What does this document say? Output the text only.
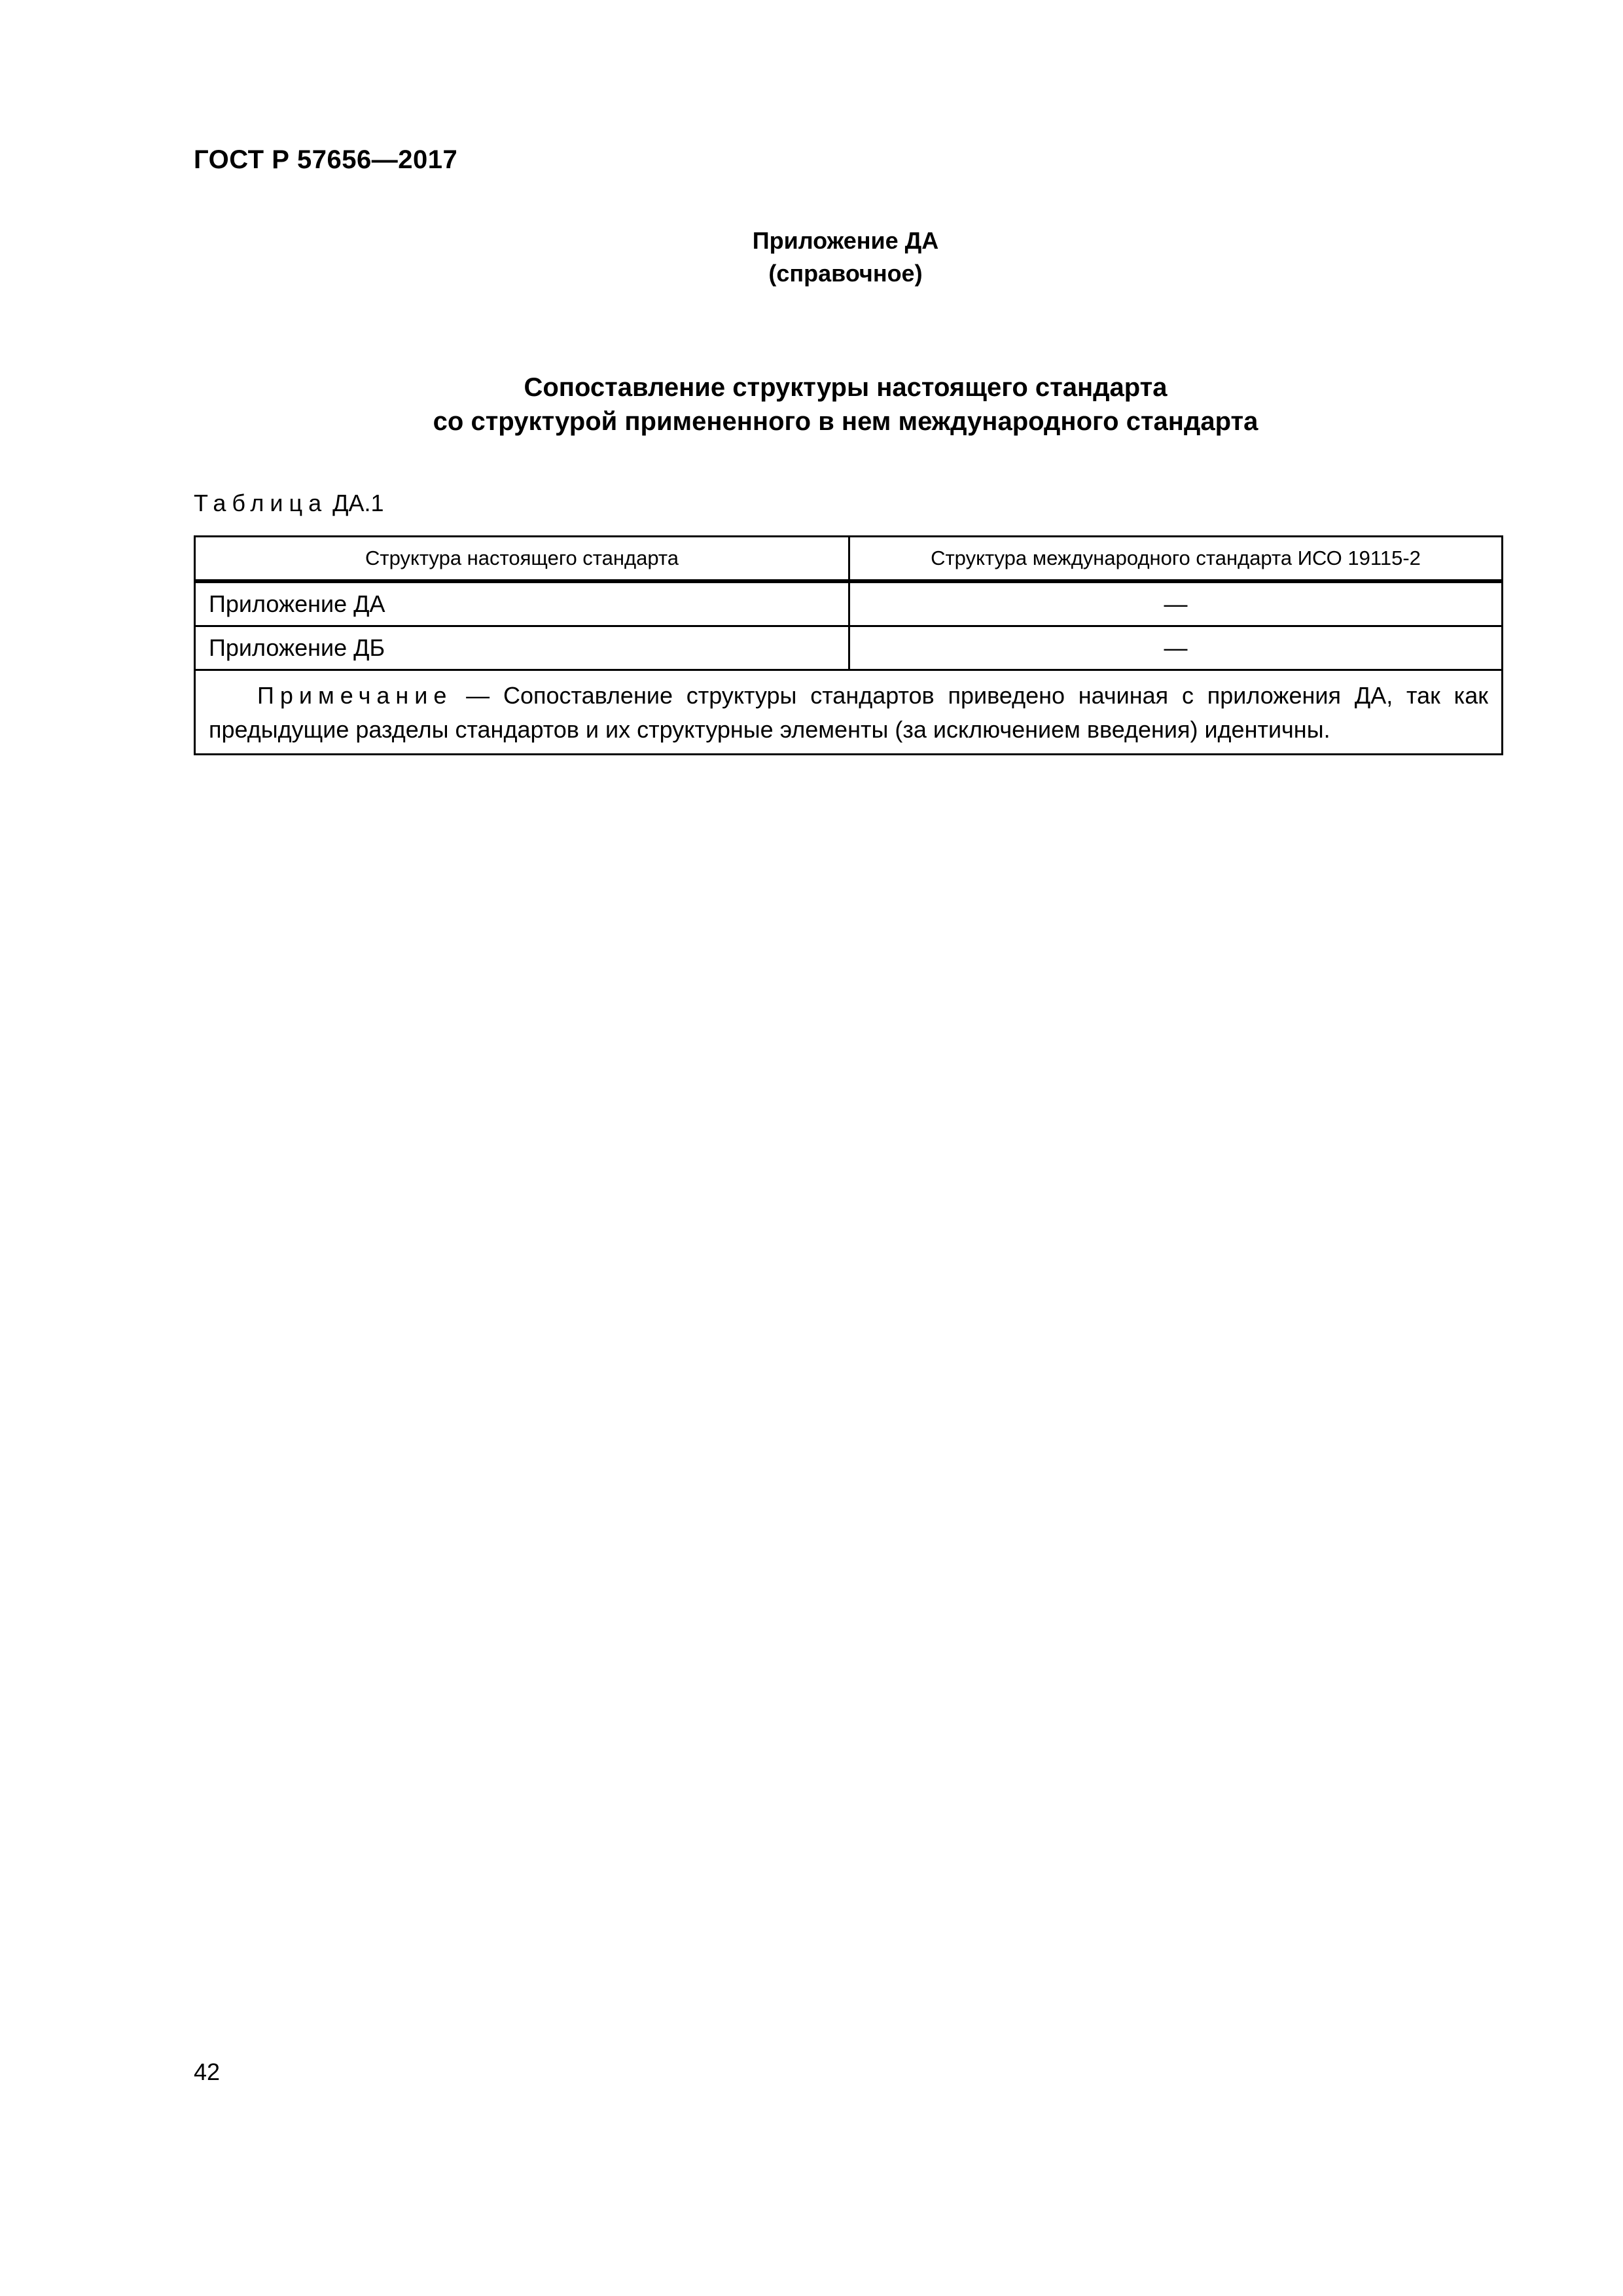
ГОСТ Р 57656—2017
Приложение ДА
(справочное)
Сопоставление структуры настоящего стандарта
со структурой примененного в нем международного стандарта
Таблица ДА.1
Структура настоящего стандарта	Структура международного стандарта ИСО 19115-2
Приложение ДА	—
Приложение ДБ	—
Примечание — Сопоставление структуры стандартов приведено начиная с приложения ДА, так как предыдущие разделы стандартов и их структурные элементы (за исключением введения) идентичны.	
42
